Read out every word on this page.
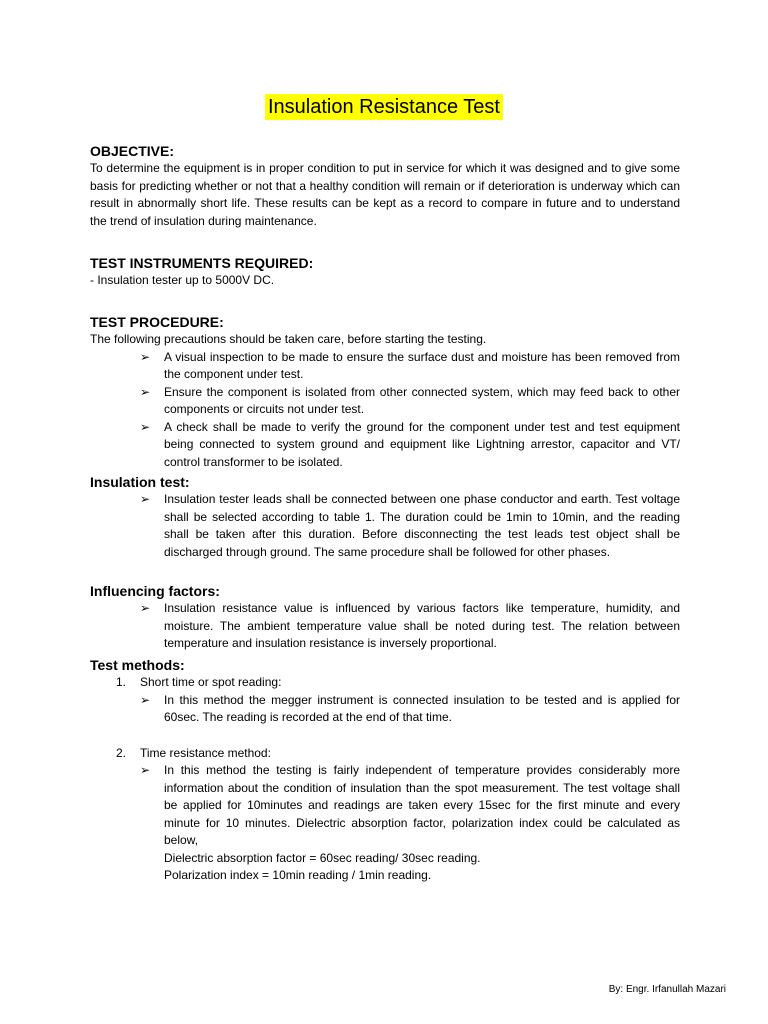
Insulation Resistance Test
OBJECTIVE:
To determine the equipment is in proper condition to put in service for which it was designed and to give some basis for predicting whether or not that a healthy condition will remain or if deterioration is underway which can result in abnormally short life. These results can be kept as a record to compare in future and to understand the trend of insulation during maintenance.
TEST INSTRUMENTS REQUIRED:
- Insulation tester up to 5000V DC.
TEST PROCEDURE:
The following precautions should be taken care, before starting the testing.
➢ A visual inspection to be made to ensure the surface dust and moisture has been removed from the component under test.
➢ Ensure the component is isolated from other connected system, which may feed back to other components or circuits not under test.
➢ A check shall be made to verify the ground for the component under test and test equipment being connected to system ground and equipment like Lightning arrestor, capacitor and VT/ control transformer to be isolated.
Insulation test:
➢ Insulation tester leads shall be connected between one phase conductor and earth. Test voltage shall be selected according to table 1. The duration could be 1min to 10min, and the reading shall be taken after this duration. Before disconnecting the test leads test object shall be discharged through ground. The same procedure shall be followed for other phases.
Influencing factors:
➢ Insulation resistance value is influenced by various factors like temperature, humidity, and moisture. The ambient temperature value shall be noted during test. The relation between temperature and insulation resistance is inversely proportional.
Test methods:
1. Short time or spot reading:
➢ In this method the megger instrument is connected insulation to be tested and is applied for 60sec. The reading is recorded at the end of that time.
2. Time resistance method:
➢ In this method the testing is fairly independent of temperature provides considerably more information about the condition of insulation than the spot measurement. The test voltage shall be applied for 10minutes and readings are taken every 15sec for the first minute and every minute for 10 minutes. Dielectric absorption factor, polarization index could be calculated as below,
Dielectric absorption factor = 60sec reading/ 30sec reading.
Polarization index = 10min reading / 1min reading.
By: Engr. Irfanullah Mazari
